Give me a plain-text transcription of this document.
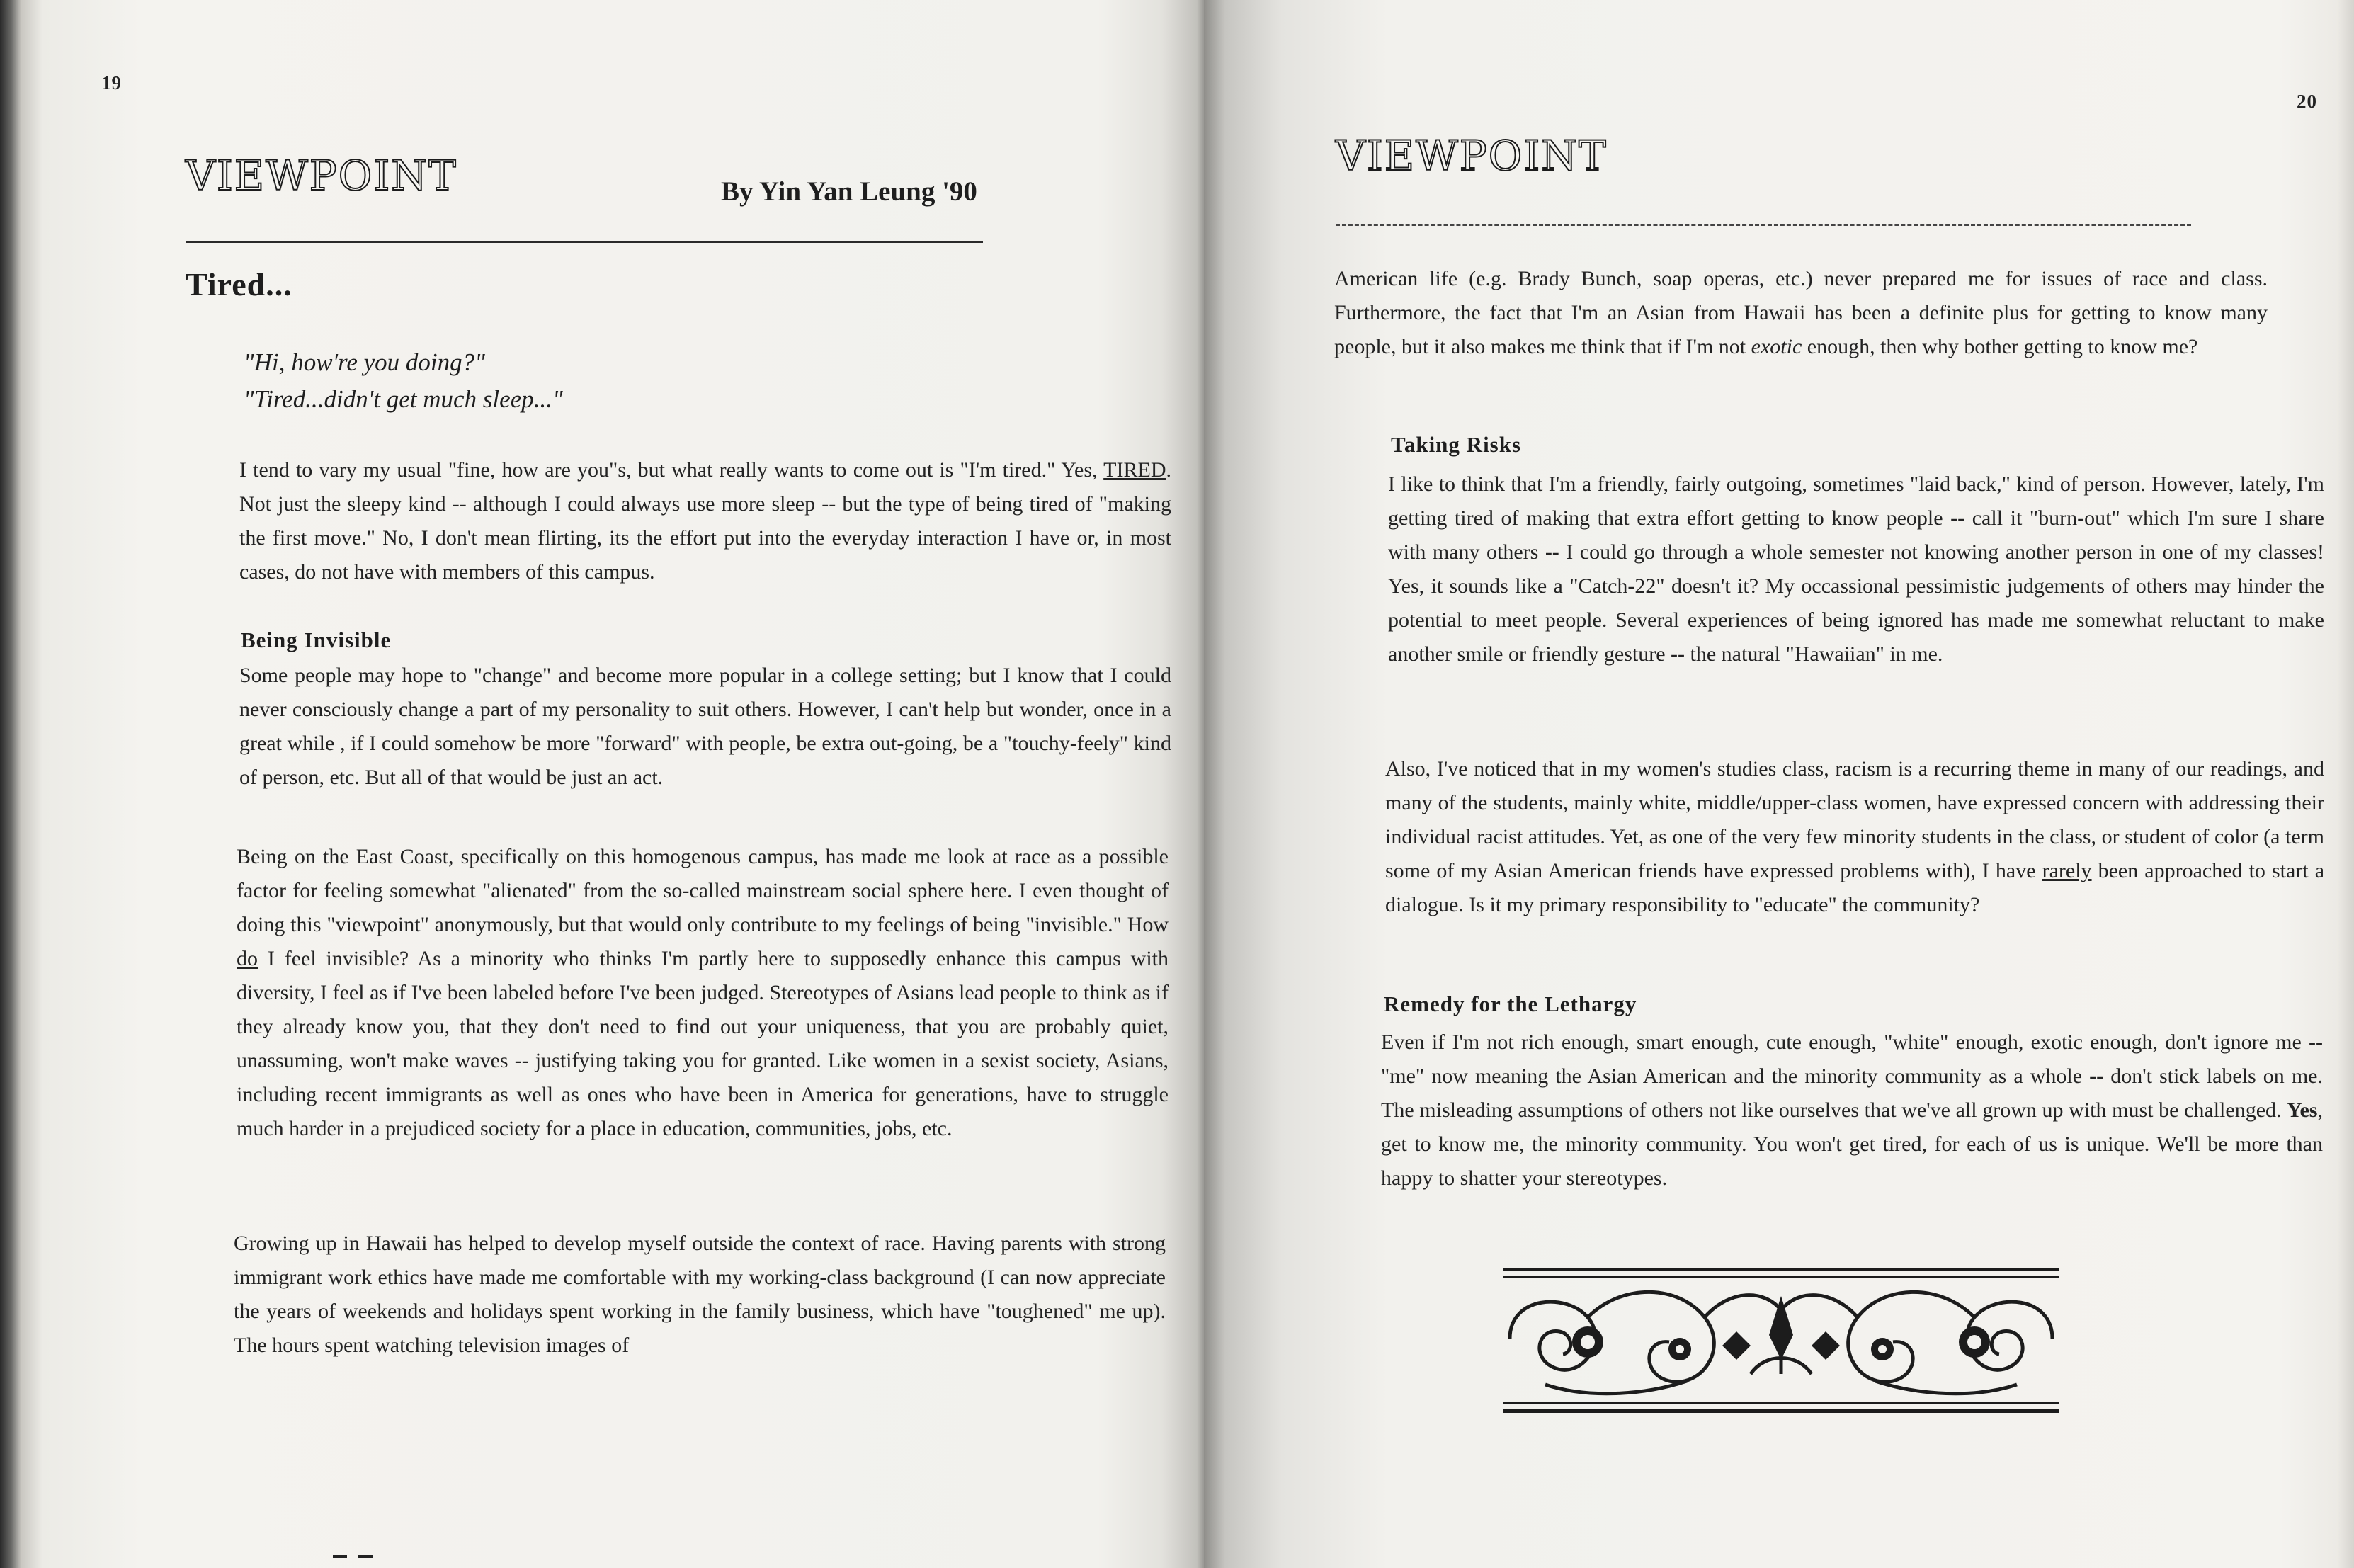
19
VIEWPOINT	By Yin Yan Leung '90
Tired...
"Hi, how're you doing?"
"Tired...didn't get much sleep..."

I tend to vary my usual "fine, how are you"s, but what really wants to come out is "I'm tired." Yes, TIRED. Not just the sleepy kind -- although I could always use more sleep -- but the type of being tired of "making the first move." No, I don't mean flirting, its the effort put into the everyday interaction I have or, in most cases, do not have with members of this campus.

Being Invisible

Some people may hope to "change" and become more popular in a college setting; but I know that I could never consciously change a part of my personality to suit others. However, I can't help but wonder, once in a great while , if I could somehow be more "forward" with people, be extra out-going, be a "touchy-feely" kind of person, etc. But all of that would be just an act.

Being on the East Coast, specifically on this homogenous campus, has made me look at race as a possible factor for feeling somewhat "alienated" from the so-called mainstream social sphere here. I even thought of doing this "viewpoint" anonymously, but that would only contribute to my feelings of being "invisible." How do I feel invisible? As a minority who thinks I'm partly here to supposedly enhance this campus with diversity, I feel as if I've been labeled before I've been judged. Stereotypes of Asians lead people to think as if they already know you, that they don't need to find out your uniqueness, that you are probably quiet, unassuming, won't make waves -- justifying taking you for granted. Like women in a sexist society, Asians, including recent immigrants as well as ones who have been in America for generations, have to struggle much harder in a prejudiced society for a place in education, communities, jobs, etc.

Growing up in Hawaii has helped to develop myself outside the context of race. Having parents with strong immigrant work ethics have made me comfortable with my working-class background (I can now appreciate the years of weekends and holidays spent working in the family business, which have "toughened" me up). The hours spent watching television images of

20
VIEWPOINT

American life (e.g. Brady Bunch, soap operas, etc.) never prepared me for issues of race and class. Furthermore, the fact that I'm an Asian from Hawaii has been a definite plus for getting to know many people, but it also makes me think that if I'm not exotic enough, then why bother getting to know me?

Taking Risks

I like to think that I'm a friendly, fairly outgoing, sometimes "laid back," kind of person. However, lately, I'm getting tired of making that extra effort getting to know people -- call it "burn-out" which I'm sure I share with many others -- I could go through a whole semester not knowing another person in one of my classes! Yes, it sounds like a "Catch-22" doesn't it? My occassional pessimistic judgements of others may hinder the potential to meet people. Several experiences of being ignored has made me somewhat reluctant to make another smile or friendly gesture -- the natural "Hawaiian" in me.

Also, I've noticed that in my women's studies class, racism is a recurring theme in many of our readings, and many of the students, mainly white, middle/upper-class women, have expressed concern with addressing their individual racist attitudes. Yet, as one of the very few minority students in the class, or student of color (a term some of my Asian American friends have expressed problems with), I have rarely been approached to start a dialogue. Is it my primary responsibility to "educate" the community?

Remedy for the Lethargy

Even if I'm not rich enough, smart enough, cute enough, "white" enough, exotic enough, don't ignore me -- "me" now meaning the Asian American and the minority community as a whole -- don't stick labels on me. The misleading assumptions of others not like ourselves that we've all grown up with must be challenged. Yes, get to know me, the minority community. You won't get tired, for each of us is unique. We'll be more than happy to shatter your stereotypes.
